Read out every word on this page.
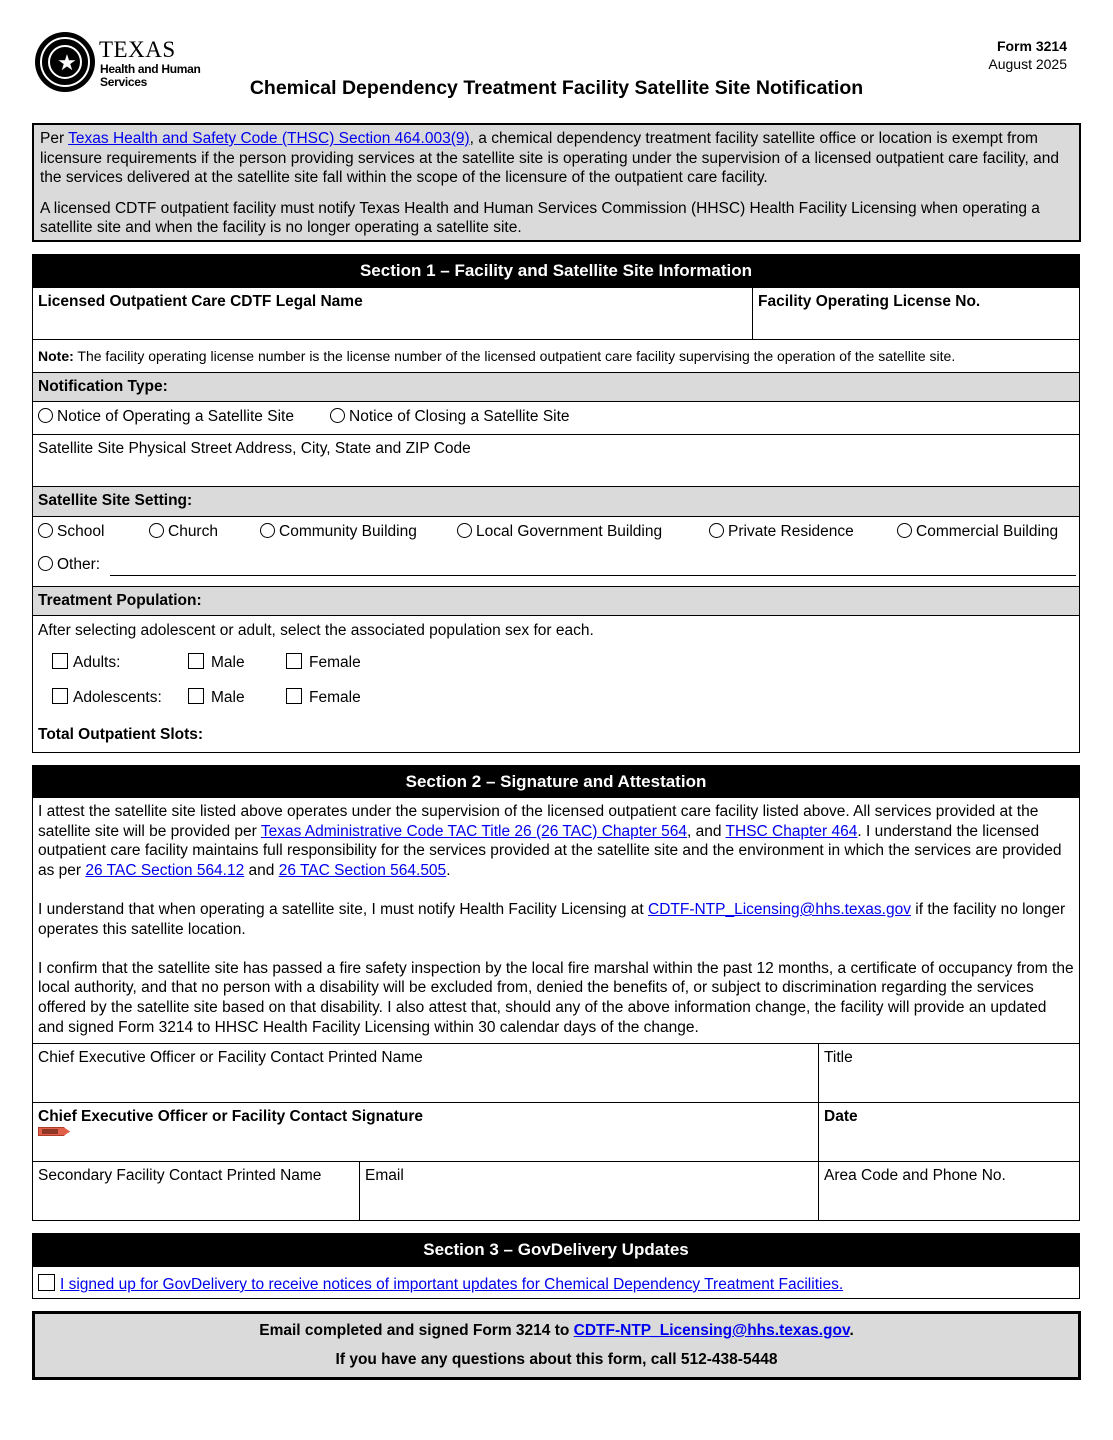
★
TEXAS
Health and Human
Services
Form 3214
August 2025
Chemical Dependency Treatment Facility Satellite Site Notification

Per Texas Health and Safety Code (THSC) Section 464.003(9), a chemical dependency treatment facility satellite office or location is exempt from licensure requirements if the person providing services at the satellite site is operating under the supervision of a licensed outpatient care facility, and the services delivered at the satellite site fall within the scope of the licensure of the outpatient care facility.

A licensed CDTF outpatient facility must notify Texas Health and Human Services Commission (HHSC) Health Facility Licensing when operating a satellite site and when the facility is no longer operating a satellite site.

Section 1 – Facility and Satellite Site Information
Licensed Outpatient Care CDTF Legal Name	Facility Operating License No.
Note: The facility operating license number is the license number of the licensed outpatient care facility supervising the operation of the satellite site.
Notification Type:
Notice of Operating a Satellite Site	Notice of Closing a Satellite Site
Satellite Site Physical Street Address, City, State and ZIP Code
Satellite Site Setting:
School	Church	Community Building	Local Government Building	Private Residence	Commercial Building
Other:
Treatment Population:
After selecting adolescent or adult, select the associated population sex for each.
Adults:	Male	Female
Adolescents:	Male	Female
Total Outpatient Slots:
Section 2 – Signature and Attestation

I attest the satellite site listed above operates under the supervision of the licensed outpatient care facility listed above. All services provided at the satellite site will be provided per Texas Administrative Code TAC Title 26 (26 TAC) Chapter 564, and THSC Chapter 464. I understand the licensed outpatient care facility maintains full responsibility for the services provided at the satellite site and the environment in which the services are provided as per 26 TAC Section 564.12 and 26 TAC Section 564.505.

I understand that when operating a satellite site, I must notify Health Facility Licensing at CDTF-NTP_Licensing@hhs.texas.gov if the facility no longer operates this satellite location.

I confirm that the satellite site has passed a fire safety inspection by the local fire marshal within the past 12 months, a certificate of occupancy from the local authority, and that no person with a disability will be excluded from, denied the benefits of, or subject to discrimination regarding the services offered by the satellite site based on that disability. I also attest that, should any of the above information change, the facility will provide an updated and signed Form 3214 to HHSC Health Facility Licensing within 30 calendar days of the change.

Chief Executive Officer or Facility Contact Printed Name	Title
Chief Executive Officer or Facility Contact Signature	Date
Secondary Facility Contact Printed Name	Email	Area Code and Phone No.
Section 3 – GovDelivery Updates
I signed up for GovDelivery to receive notices of important updates for Chemical Dependency Treatment Facilities.
Email completed and signed Form 3214 to CDTF-NTP_Licensing@hhs.texas.gov.
If you have any questions about this form, call 512-438-5448
